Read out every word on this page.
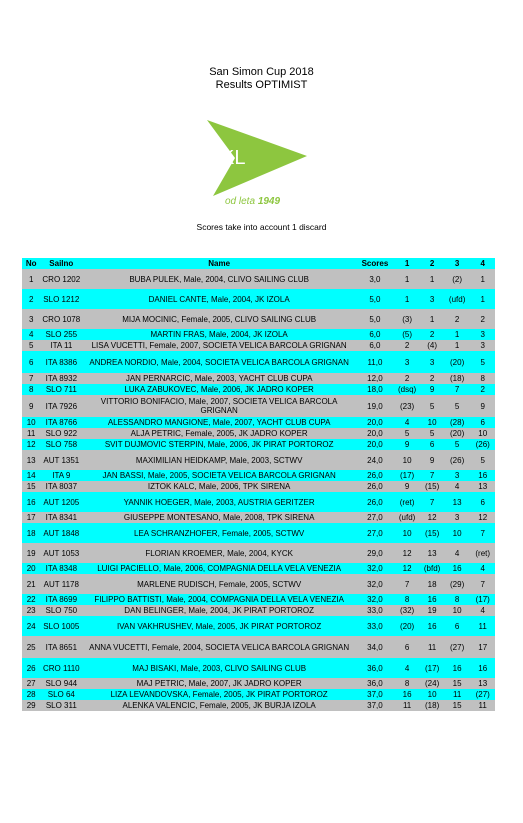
San Simon Cup 2018
Results OPTIMIST
JKL
od leta 1949
Scores take into account 1 discard
No	Sailno	Name	Scores	1	2	3	4
1	CRO 1202	BUBA PULEK, Male, 2004, CLIVO SAILING CLUB	3,0	1	1	(2)	1
2	SLO 1212	DANIEL CANTE, Male, 2004, JK IZOLA	5,0	1	3	(ufd)	1
3	CRO 1078	MIJA MOCINIC, Female, 2005, CLIVO SAILING CLUB	5,0	(3)	1	2	2
4	SLO 255	MARTIN FRAS, Male, 2004, JK IZOLA	6,0	(5)	2	1	3
5	ITA 11	LISA VUCETTI, Female, 2007, SOCIETA VELICA BARCOLA GRIGNAN	6,0	2	(4)	1	3
6	ITA 8386	ANDREA NORDIO, Male, 2004, SOCIETA VELICA BARCOLA GRIGNAN	11,0	3	3	(20)	5
7	ITA 8932	JAN PERNARCIC, Male, 2003, YACHT CLUB CUPA	12,0	2	2	(18)	8
8	SLO 711	LUKA ZABUKOVEC, Male, 2006, JK JADRO KOPER	18,0	(dsq)	9	7	2
9	ITA 7926	VITTORIO BONIFACIO, Male, 2007, SOCIETA VELICA BARCOLA GRIGNAN	19,0	(23)	5	5	9
10	ITA 8766	ALESSANDRO MANGIONE, Male, 2007, YACHT CLUB CUPA	20,0	4	10	(28)	6
11	SLO 922	ALJA PETRIC, Female, 2005, JK JADRO KOPER	20,0	5	5	(20)	10
12	SLO 758	SVIT DUJMOVIC STERPIN, Male, 2006, JK PIRAT PORTOROZ	20,0	9	6	5	(26)
13	AUT 1351	MAXIMILIAN HEIDKAMP, Male, 2003, SCTWV	24,0	10	9	(26)	5
14	ITA 9	JAN BASSI, Male, 2005, SOCIETA VELICA BARCOLA GRIGNAN	26,0	(17)	7	3	16
15	ITA 8037	IZTOK KALC, Male, 2006, TPK SIRENA	26,0	9	(15)	4	13
16	AUT 1205	YANNIK HOEGER, Male, 2003, AUSTRIA GERITZER	26,0	(ret)	7	13	6
17	ITA 8341	GIUSEPPE MONTESANO, Male, 2008, TPK SIRENA	27,0	(ufd)	12	3	12
18	AUT 1848	LEA SCHRANZHOFER, Female, 2005, SCTWV	27,0	10	(15)	10	7
19	AUT 1053	FLORIAN KROEMER, Male, 2004, KYCK	29,0	12	13	4	(ret)
20	ITA 8348	LUIGI PACIELLO, Male, 2006, COMPAGNIA DELLA VELA VENEZIA	32,0	12	(bfd)	16	4
21	AUT 1178	MARLENE RUDISCH, Female, 2005, SCTWV	32,0	7	18	(29)	7
22	ITA 8699	FILIPPO BATTISTI, Male, 2004, COMPAGNIA DELLA VELA VENEZIA	32,0	8	16	8	(17)
23	SLO 750	DAN BELINGER, Male, 2004, JK PIRAT PORTOROZ	33,0	(32)	19	10	4
24	SLO 1005	IVAN VAKHRUSHEV, Male, 2005, JK PIRAT PORTOROZ	33,0	(20)	16	6	11
25	ITA 8651	ANNA VUCETTI, Female, 2004, SOCIETA VELICA BARCOLA GRIGNAN	34,0	6	11	(27)	17
26	CRO 1110	MAJ BISAKI, Male, 2003, CLIVO SAILING CLUB	36,0	4	(17)	16	16
27	SLO 944	MAJ PETRIC, Male, 2007, JK JADRO KOPER	36,0	8	(24)	15	13
28	SLO 64	LIZA LEVANDOVSKA, Female, 2005, JK PIRAT PORTOROZ	37,0	16	10	11	(27)
29	SLO 311	ALENKA VALENCIC, Female, 2005, JK BURJA IZOLA	37,0	11	(18)	15	11
